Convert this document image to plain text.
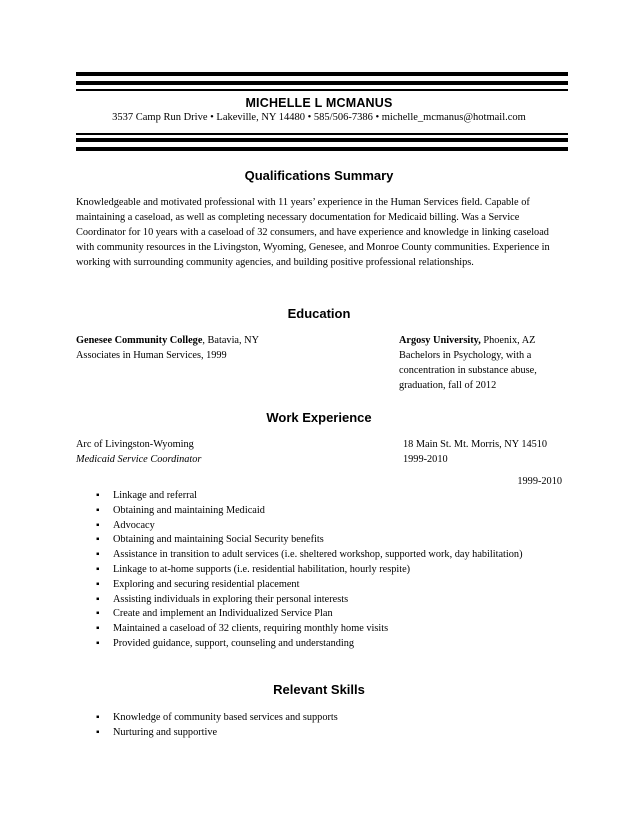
MICHELLE L MCMANUS
3537 Camp Run Drive • Lakeville, NY 14480 • 585/506-7386 • michelle_mcmanus@hotmail.com
Qualifications Summary

Knowledgeable and motivated professional with 11 years’ experience in the Human Services field. Capable of maintaining a caseload, as well as completing necessary documentation for Medicaid billing. Was a Service Coordinator for 10 years with a caseload of 32 consumers, and have experience and knowledge in linking caseload with community resources in the Livingston, Wyoming, Genesee, and Monroe County communities. Experience in working with surrounding community agencies, and building positive professional relationships.

Education
Genesee Community College, Batavia, NY
Associates in Human Services, 1999
Argosy University, Phoenix, AZ
Bachelors in Psychology, with a
concentration in substance abuse,
graduation, fall of 2012
Work Experience
Arc of Livingston-Wyoming
Medicaid Service Coordinator
18 Main St. Mt. Morris, NY 14510
1999-2010
1999-2010
▪ Linkage and referral
▪ Obtaining and maintaining Medicaid
▪ Advocacy
▪ Obtaining and maintaining Social Security benefits
▪ Assistance in transition to adult services (i.e. sheltered workshop, supported work, day habilitation)
▪ Linkage to at-home supports (i.e. residential habilitation, hourly respite)
▪ Exploring and securing residential placement
▪ Assisting individuals in exploring their personal interests
▪ Create and implement an Individualized Service Plan
▪ Maintained a caseload of 32 clients, requiring monthly home visits
▪ Provided guidance, support, counseling and understanding
Relevant Skills
▪ Knowledge of community based services and supports
▪ Nurturing and supportive
